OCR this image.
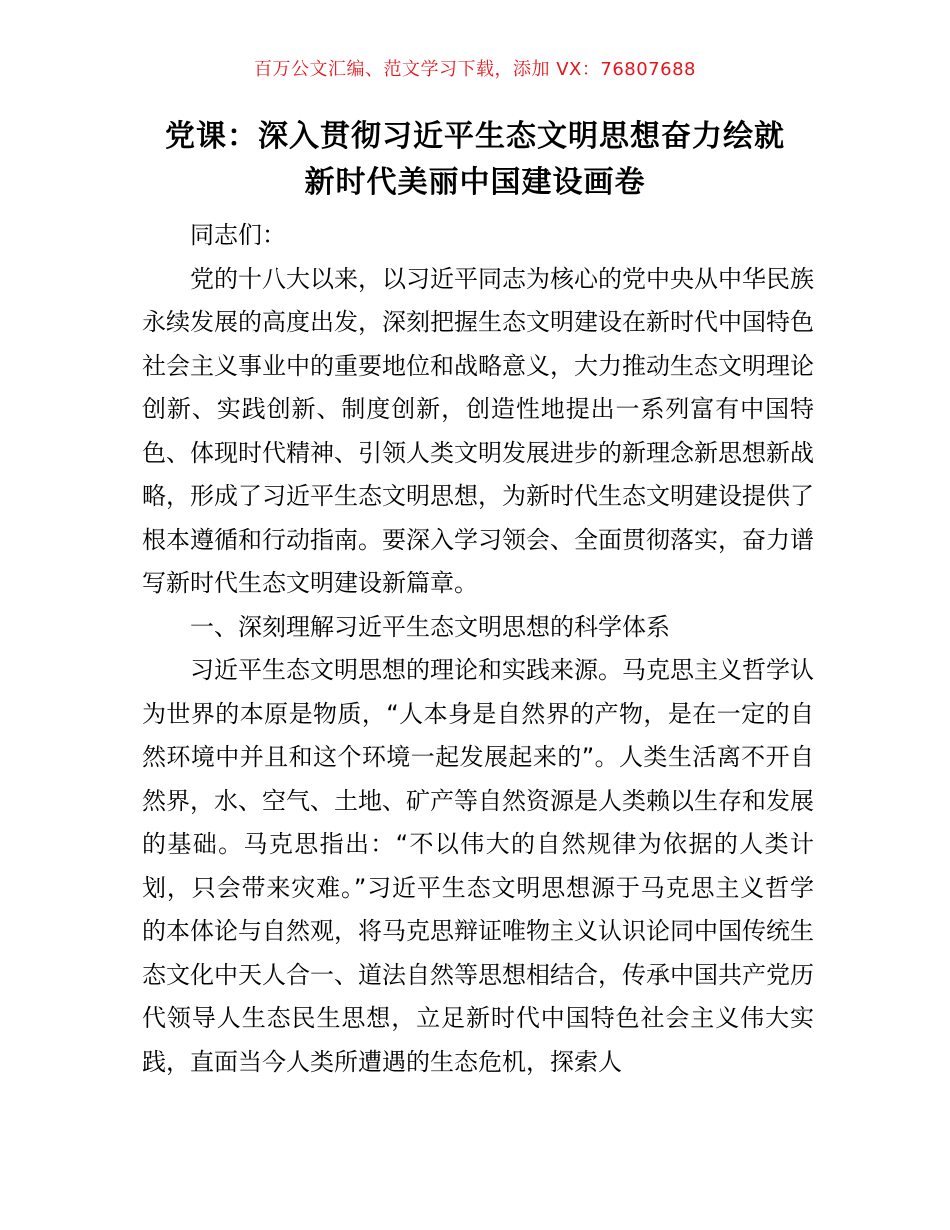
百万公文汇编、范文学习下载，添加 VX：76807688
党课：深入贯彻习近平生态文明思想奋力绘就
新时代美丽中国建设画卷

同志们：

党的十八大以来，以习近平同志为核心的党中央从中华民族永续发展的高度出发，深刻把握生态文明建设在新时代中国特色社会主义事业中的重要地位和战略意义，大力推动生态文明理论创新、实践创新、制度创新，创造性地提出一系列富有中国特色、体现时代精神、引领人类文明发展进步的新理念新思想新战略，形成了习近平生态文明思想，为新时代生态文明建设提供了根本遵循和行动指南。要深入学习领会、全面贯彻落实，奋力谱写新时代生态文明建设新篇章。

一、深刻理解习近平生态文明思想的科学体系

习近平生态文明思想的理论和实践来源。马克思主义哲学认为世界的本原是物质，“人本身是自然界的产物，是在一定的自然环境中并且和这个环境一起发展起来的”。人类生活离不开自然界，水、空气、土地、矿产等自然资源是人类赖以生存和发展的基础。马克思指出：“不以伟大的自然规律为依据的人类计划，只会带来灾难。”习近平生态文明思想源于马克思主义哲学的本体论与自然观，将马克思辩证唯物主义认识论同中国传统生态文化中天人合一、道法自然等思想相结合，传承中国共产党历代领导人生态民生思想，立足新时代中国特色社会主义伟大实践，直面当今人类所遭遇的生态危机，探索人
